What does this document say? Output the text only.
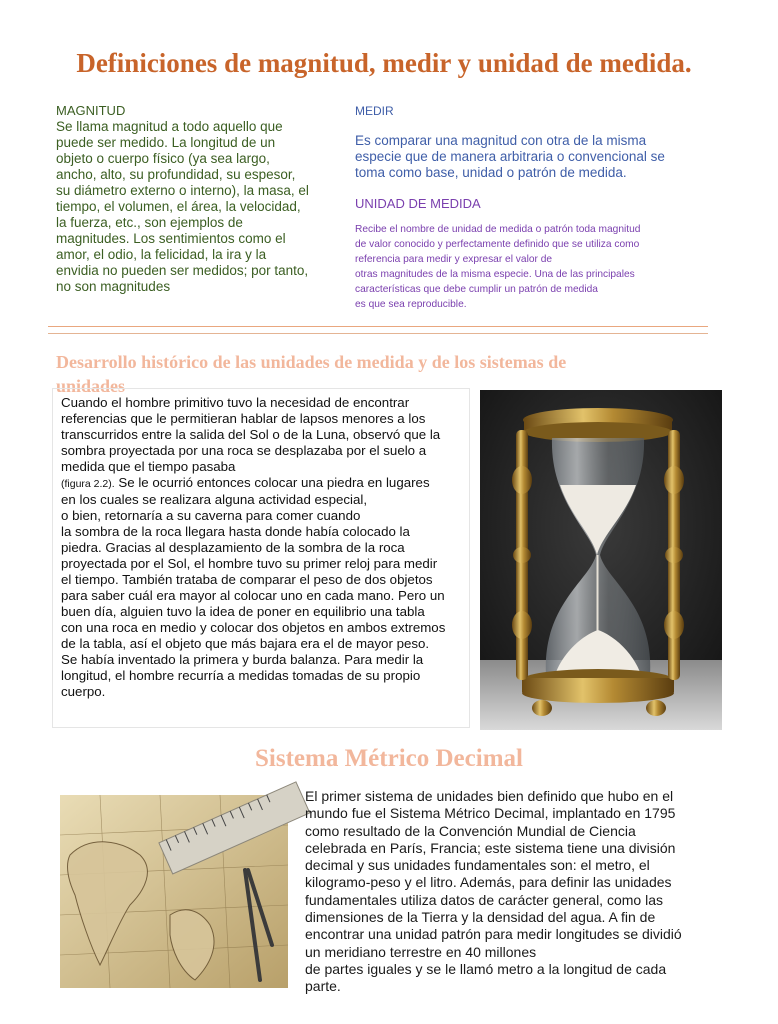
Definiciones de magnitud, medir y unidad de medida.
MAGNITUD
Se llama magnitud a todo aquello que
puede ser medido. La longitud de un
objeto o cuerpo físico (ya sea largo,
ancho, alto, su profundidad, su espesor,
su diámetro externo o interno), la masa, el
tiempo, el volumen, el área, la velocidad,
la fuerza, etc., son ejemplos de
magnitudes. Los sentimientos como el
amor, el odio, la felicidad, la ira y la
envidia no pueden ser medidos; por tanto,
no son magnitudes
MEDIR
Es comparar una magnitud con otra de la misma
especie que de manera arbitraria o convencional se
toma como base, unidad o patrón de medida.
UNIDAD DE MEDIDA
Recibe el nombre de unidad de medida o patrón toda magnitud
de valor conocido y perfectamente definido que se utiliza como
referencia para medir y expresar el valor de
otras magnitudes de la misma especie. Una de las principales
características que debe cumplir un patrón de medida
es que sea reproducible.
Desarrollo histórico de las unidades de medida y de los sistemas de
unidades
Cuando el hombre primitivo tuvo la necesidad de encontrar
referencias que le permitieran hablar de lapsos menores a los
transcurridos entre la salida del Sol o de la Luna, observó que la
sombra proyectada por una roca se desplazaba por el suelo a
medida que el tiempo pasaba
(figura 2.2). Se le ocurrió entonces colocar una piedra en lugares
en los cuales se realizara alguna actividad especial,
o bien, retornaría a su caverna para comer cuando
la sombra de la roca llegara hasta donde había colocado la
piedra. Gracias al desplazamiento de la sombra de la roca
proyectada por el Sol, el hombre tuvo su primer reloj para medir
el tiempo. También trataba de comparar el peso de dos objetos
para saber cuál era mayor al colocar uno en cada mano. Pero un
buen día, alguien tuvo la idea de poner en equilibrio una tabla
con una roca en medio y colocar dos objetos en ambos extremos
de la tabla, así el objeto que más bajara era el de mayor peso.
Se había inventado la primera y burda balanza. Para medir la
longitud, el hombre recurría a medidas tomadas de su propio
cuerpo.
Sistema Métrico Decimal
El primer sistema de unidades bien definido que hubo en el
mundo fue el Sistema Métrico Decimal, implantado en 1795
como resultado de la Convención Mundial de Ciencia
celebrada en París, Francia; este sistema tiene una división
decimal y sus unidades fundamentales son: el metro, el
kilogramo-peso y el litro. Además, para definir las unidades
fundamentales utiliza datos de carácter general, como las
dimensiones de la Tierra y la densidad del agua. A fin de
encontrar una unidad patrón para medir longitudes se dividió
un meridiano terrestre en 40 millones
de partes iguales y se le llamó metro a la longitud de cada
parte.
